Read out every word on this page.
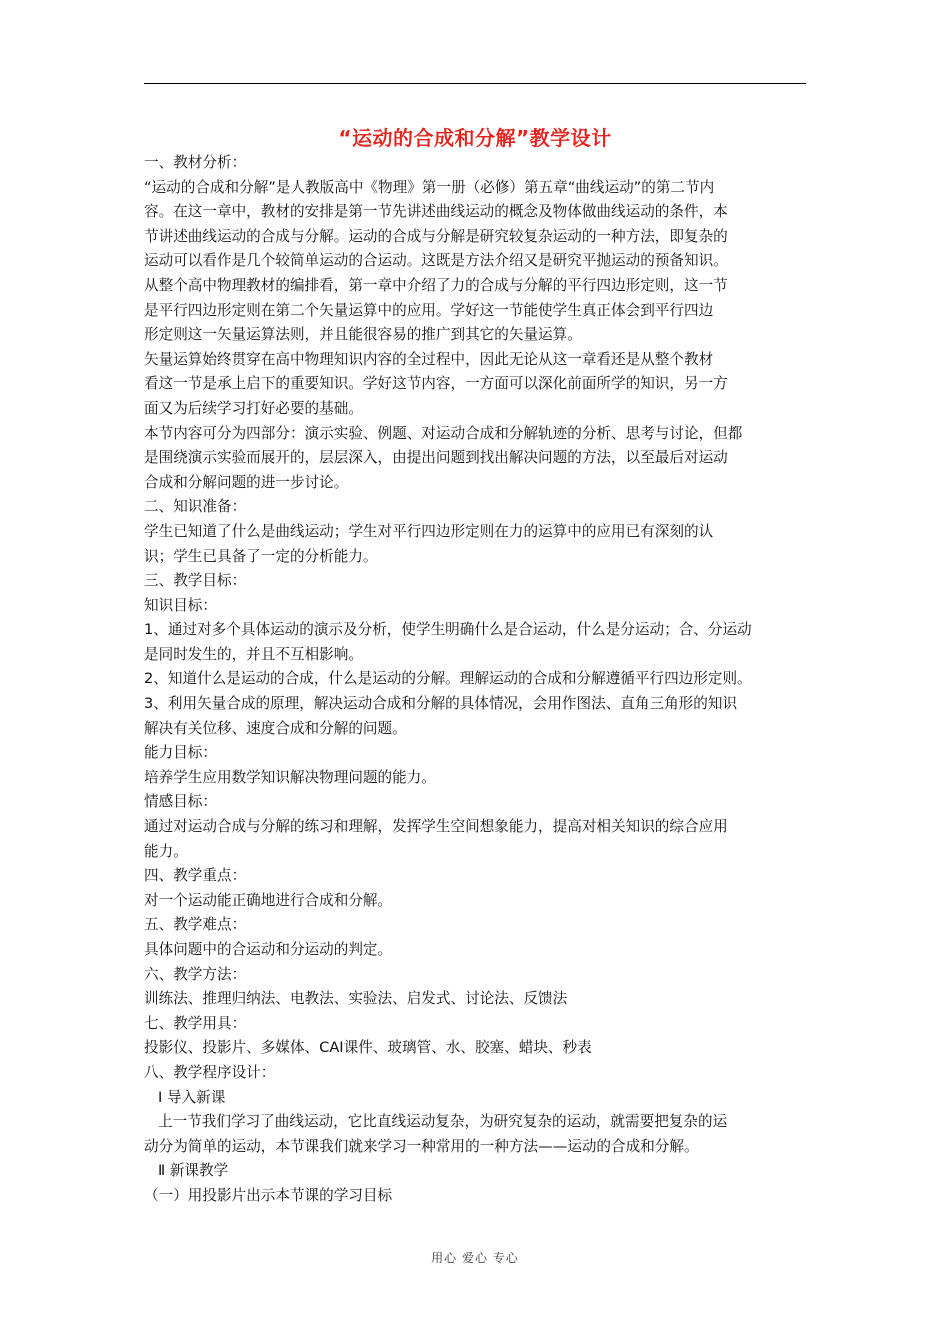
“运动的合成和分解”教学设计

一、教材分析：

“运动的合成和分解”是人教版高中《物理》第一册（必修）第五章“曲线运动”的第二节内

容。在这一章中，教材的安排是第一节先讲述曲线运动的概念及物体做曲线运动的条件，本

节讲述曲线运动的合成与分解。运动的合成与分解是研究较复杂运动的一种方法，即复杂的

运动可以看作是几个较简单运动的合运动。这既是方法介绍又是研究平抛运动的预备知识。

从整个高中物理教材的编排看，第一章中介绍了力的合成与分解的平行四边形定则，这一节

是平行四边形定则在第二个矢量运算中的应用。学好这一节能使学生真正体会到平行四边

形定则这一矢量运算法则，并且能很容易的推广到其它的矢量运算。

矢量运算始终贯穿在高中物理知识内容的全过程中，因此无论从这一章看还是从整个教材

看这一节是承上启下的重要知识。学好这节内容，一方面可以深化前面所学的知识，另一方

面又为后续学习打好必要的基础。

本节内容可分为四部分：演示实验、例题、对运动合成和分解轨迹的分析、思考与讨论，但都

是围绕演示实验而展开的，层层深入，由提出问题到找出解决问题的方法，以至最后对运动

合成和分解问题的进一步讨论。

二、知识准备：

学生已知道了什么是曲线运动；学生对平行四边形定则在力的运算中的应用已有深刻的认

识；学生已具备了一定的分析能力。

三、教学目标：

知识目标：

1、通过对多个具体运动的演示及分析，使学生明确什么是合运动，什么是分运动；合、分运动

是同时发生的，并且不互相影响。

2、知道什么是运动的合成，什么是运动的分解。理解运动的合成和分解遵循平行四边形定则。

3、利用矢量合成的原理，解决运动合成和分解的具体情况，会用作图法、直角三角形的知识

解决有关位移、速度合成和分解的问题。

能力目标：

培养学生应用数学知识解决物理问题的能力。

情感目标：

通过对运动合成与分解的练习和理解，发挥学生空间想象能力，提高对相关知识的综合应用

能力。

四、教学重点：

对一个运动能正确地进行合成和分解。

五、教学难点：

具体问题中的合运动和分运动的判定。

六、教学方法：

训练法、推理归纳法、电教法、实验法、启发式、讨论法、反馈法

七、教学用具：

投影仪、投影片、多媒体、CAI课件、玻璃管、水、胶塞、蜡块、秒表

八、教学程序设计：

Ⅰ 导入新课

上一节我们学习了曲线运动，它比直线运动复杂，为研究复杂的运动，就需要把复杂的运

动分为简单的运动，本节课我们就来学习一种常用的一种方法——运动的合成和分解。

Ⅱ 新课教学

（一）用投影片出示本节课的学习目标

用心 爱心 专心
